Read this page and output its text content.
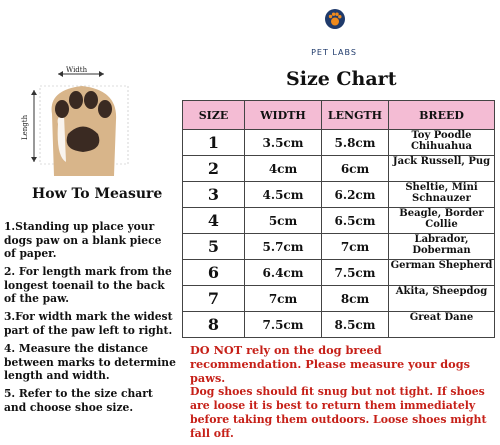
PET LABS
Size Chart
Width
Length
How To Measure
1.Standing up place your dogs paw on a blank piece of paper.
2. For length mark from the longest toenail to the back of the paw.
3.For width mark the widest part of the paw left to right.
4. Measure the distance between marks to determine length and width.
5. Refer to the size chart and choose shoe size.
SIZE	WIDTH	LENGTH	BREED
1	3.5cm	5.8cm	Toy Poodle Chihuahua
2	4cm	6cm	Jack Russell, Pug
3	4.5cm	6.2cm	Sheltie, Mini Schnauzer
4	5cm	6.5cm	Beagle, Border Collie
5	5.7cm	7cm	Labrador, Doberman
6	6.4cm	7.5cm	German Shepherd
7	7cm	8cm	Akita, Sheepdog
8	7.5cm	8.5cm	Great Dane
DO NOT rely on the dog breed recommendation. Please measure your dogs paws.
Dog shoes should fit snug but not tight. If shoes are loose it is best to return them immediately before taking them outdoors. Loose shoes might fall off.
